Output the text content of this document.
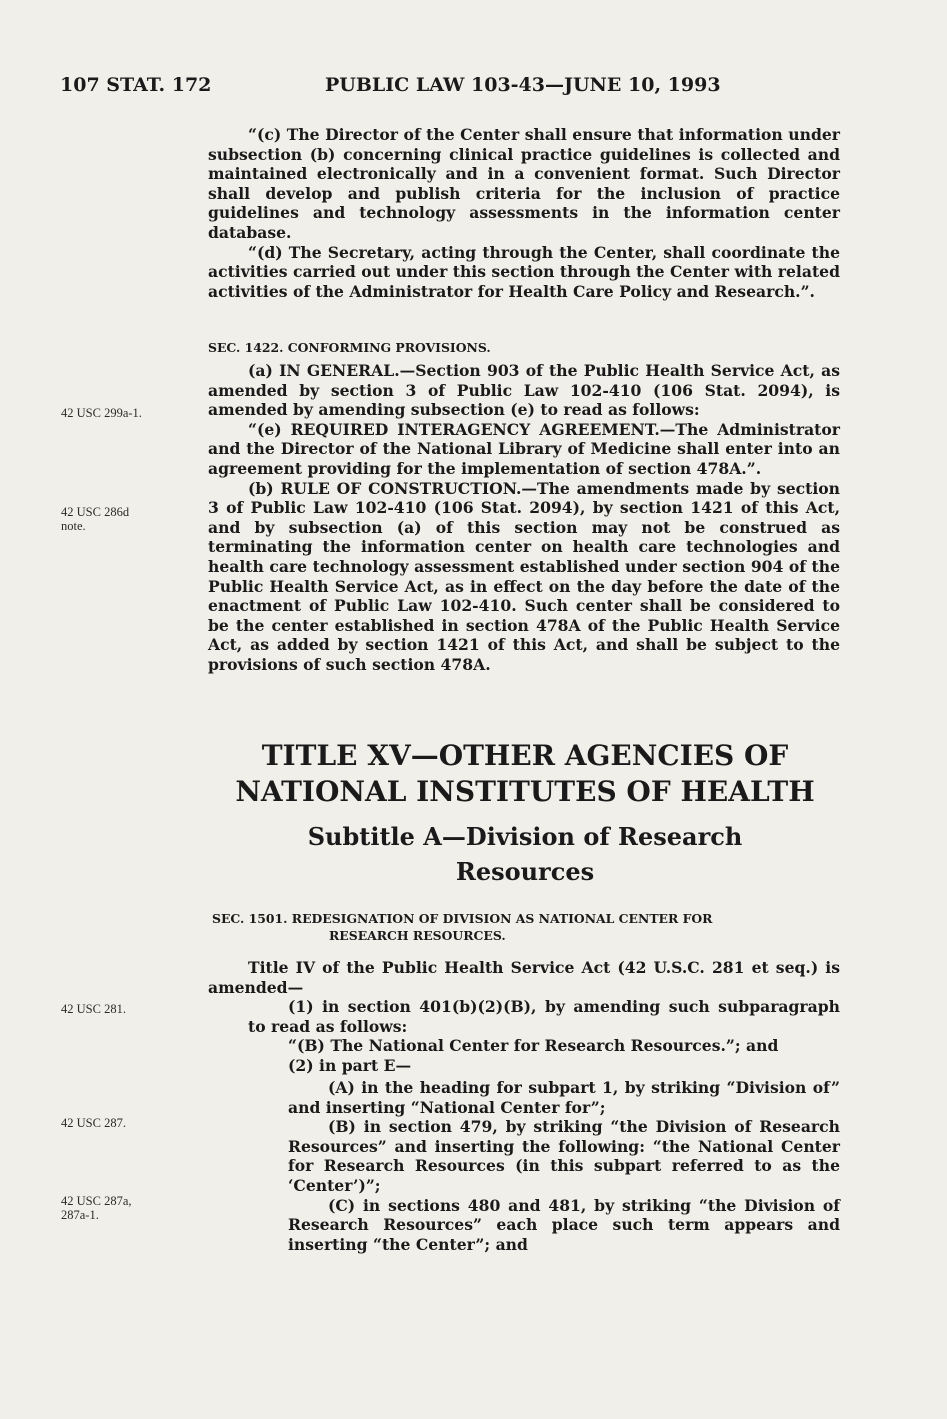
107 STAT. 172	PUBLIC LAW 103-43—JUNE 10, 1993
42 USC 299a-1.
42 USC 286d
note.
42 USC 281.
42 USC 287.
42 USC 287a,
287a-1.

“(c) The Director of the Center shall ensure that information under subsection (b) concerning clinical practice guidelines is collected and maintained electronically and in a convenient format. Such Director shall develop and publish criteria for the inclusion of practice guidelines and technology assessments in the information center database.

“(d) The Secretary, acting through the Center, shall coordinate the activities carried out under this section through the Center with related activities of the Administrator for Health Care Policy and Research.”.

SEC. 1422. CONFORMING PROVISIONS.

(a) IN GENERAL.—Section 903 of the Public Health Service Act, as amended by section 3 of Public Law 102-410 (106 Stat. 2094), is amended by amending subsection (e) to read as follows:

“(e) REQUIRED INTERAGENCY AGREEMENT.—The Administrator and the Director of the National Library of Medicine shall enter into an agreement providing for the implementation of section 478A.”.

(b) RULE OF CONSTRUCTION.—The amendments made by section 3 of Public Law 102-410 (106 Stat. 2094), by section 1421 of this Act, and by subsection (a) of this section may not be construed as terminating the information center on health care technologies and health care technology assessment established under section 904 of the Public Health Service Act, as in effect on the day before the date of the enactment of Public Law 102-410. Such center shall be considered to be the center established in section 478A of the Public Health Service Act, as added by section 1421 of this Act, and shall be subject to the provisions of such section 478A.

TITLE XV—OTHER AGENCIES OF
NATIONAL INSTITUTES OF HEALTH
Subtitle A—Division of Research
Resources
SEC. 1501. REDESIGNATION OF DIVISION AS NATIONAL CENTER FOR
RESEARCH RESOURCES.

Title IV of the Public Health Service Act (42 U.S.C. 281 et seq.) is amended—

(1) in section 401(b)(2)(B), by amending such subparagraph to read as follows:

“(B) The National Center for Research Resources.”; and

(2) in part E—

(A) in the heading for subpart 1, by striking “Division of” and inserting “National Center for”;

(B) in section 479, by striking “the Division of Research Resources” and inserting the following: “the National Center for Research Resources (in this subpart referred to as the ‘Center’)”;

(C) in sections 480 and 481, by striking “the Division of Research Resources” each place such term appears and inserting “the Center”; and
